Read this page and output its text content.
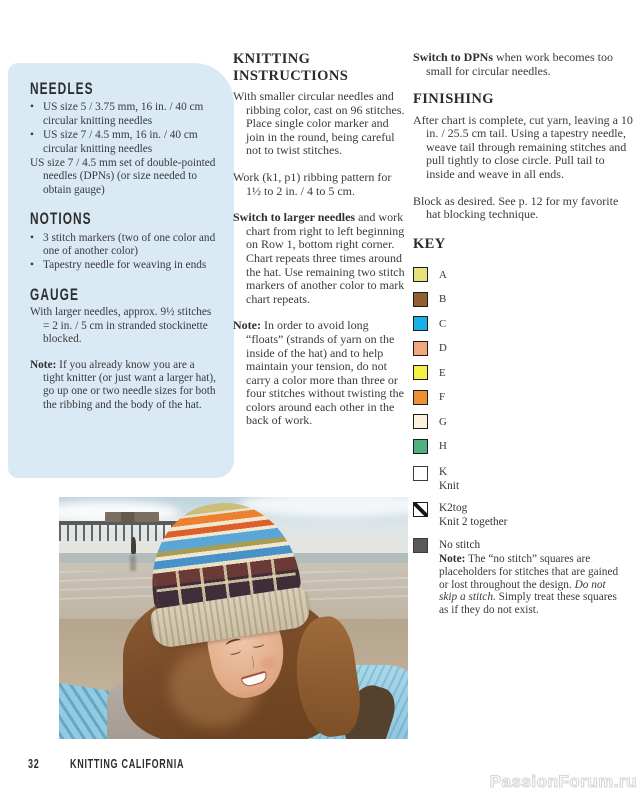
NEEDLES
• US size 5 / 3.75 mm, 16 in. / 40 cm circular knitting needles
• US size 7 / 4.5 mm, 16 in. / 40 cm circular knitting needles

US size 7 / 4.5 mm set of double-pointed needles (DPNs) (or size needed to obtain gauge)

NOTIONS
• 3 stitch markers (two of one color and one of another color)
• Tapestry needle for weaving in ends
GAUGE

With larger needles, approx. 9½ stitches = 2 in. / 5 cm in stranded stockinette blocked.

Note: If you already know you are a tight knitter (or just want a larger hat), go up one or two needle sizes for both the ribbing and the body of the hat.

KNITTING INSTRUCTIONS

With smaller circular needles and ribbing color, cast on 96 stitches. Place single color marker and join in the round, being careful not to twist stitches.

Work (k1, p1) ribbing pattern for 1½ to 2 in. / 4 to 5 cm.

Switch to larger needles and work chart from right to left beginning on Row 1, bottom right corner. Chart repeats three times around the hat. Use remaining two stitch markers of another color to mark chart repeats.

Note: In order to avoid long “floats” (strands of yarn on the inside of the hat) and to help maintain your tension, do not carry a color more than three or four stitches without twisting the colors around each other in the back of work.

Switch to DPNs when work becomes too small for circular needles.

FINISHING

After chart is complete, cut yarn, leaving a 10 in. / 25.5 cm tail. Using a tapestry needle, weave tail through remaining stitches and pull tightly to close circle. Pull tail to inside and weave in all ends.

Block as desired. See p. 12 for my favorite hat blocking technique.

KEY
A
B
C
D
E
F
G
H
K
Knit
K2tog
Knit 2 together
No stitch
Note: The “no stitch” squares are placeholders for stitches that are gained or lost throughout the design. Do not skip a stitch. Simply treat these squares as if they do not exist.
32 KNITTING CALIFORNIA
PassionForum.ru
